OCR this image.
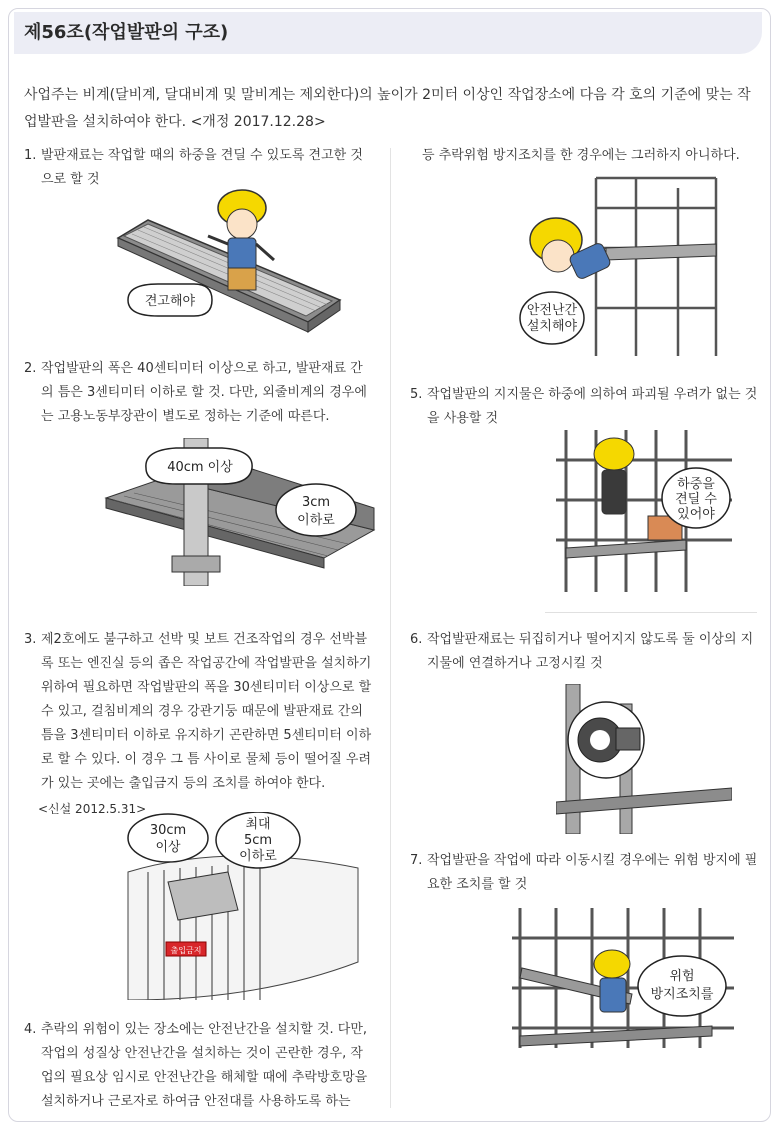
제56조(작업발판의 구조)
사업주는 비계(달비계, 달대비계 및 말비계는 제외한다)의 높이가 2미터 이상인 작업장소에 다음 각 호의 기준에 맞는 작업발판을 설치하여야 한다. <개정 2017.12.28>
1. 발판재료는 작업할 때의 하중을 견딜 수 있도록 견고한 것으로 할 것
견고해야
2. 작업발판의 폭은 40센티미터 이상으로 하고, 발판재료 간의 틈은 3센티미터 이하로 할 것. 다만, 외줄비계의 경우에는 고용노동부장관이 별도로 정하는 기준에 따른다.
40cm 이상
3cm
이하로
3. 제2호에도 불구하고 선박 및 보트 건조작업의 경우 선박블록 또는 엔진실 등의 좁은 작업공간에 작업발판을 설치하기 위하여 필요하면 작업발판의 폭을 30센티미터 이상으로 할 수 있고, 걸침비계의 경우 강관기둥 때문에 발판재료 간의 틈을 3센티미터 이하로 유지하기 곤란하면 5센티미터 이하로 할 수 있다. 이 경우 그 틈 사이로 물체 등이 떨어질 우려가 있는 곳에는 출입금지 등의 조치를 하여야 한다.
<신설 2012.5.31>
출입금지
30cm
이상
최대
5cm
이하로
4. 추락의 위험이 있는 장소에는 안전난간을 설치할 것. 다만, 작업의 성질상 안전난간을 설치하는 것이 곤란한 경우, 작업의 필요상 임시로 안전난간을 해체할 때에 추락방호망을 설치하거나 근로자로 하여금 안전대를 사용하도록 하는
등 추락위험 방지조치를 한 경우에는 그러하지 아니하다.
안전난간
설치해야
5. 작업발판의 지지물은 하중에 의하여 파괴될 우려가 없는 것을 사용할 것
하중을
견딜 수
있어야
6. 작업발판재료는 뒤집히거나 떨어지지 않도록 둘 이상의 지지물에 연결하거나 고정시킬 것
7. 작업발판을 작업에 따라 이동시킬 경우에는 위험 방지에 필요한 조치를 할 것
위험
방지조치를
